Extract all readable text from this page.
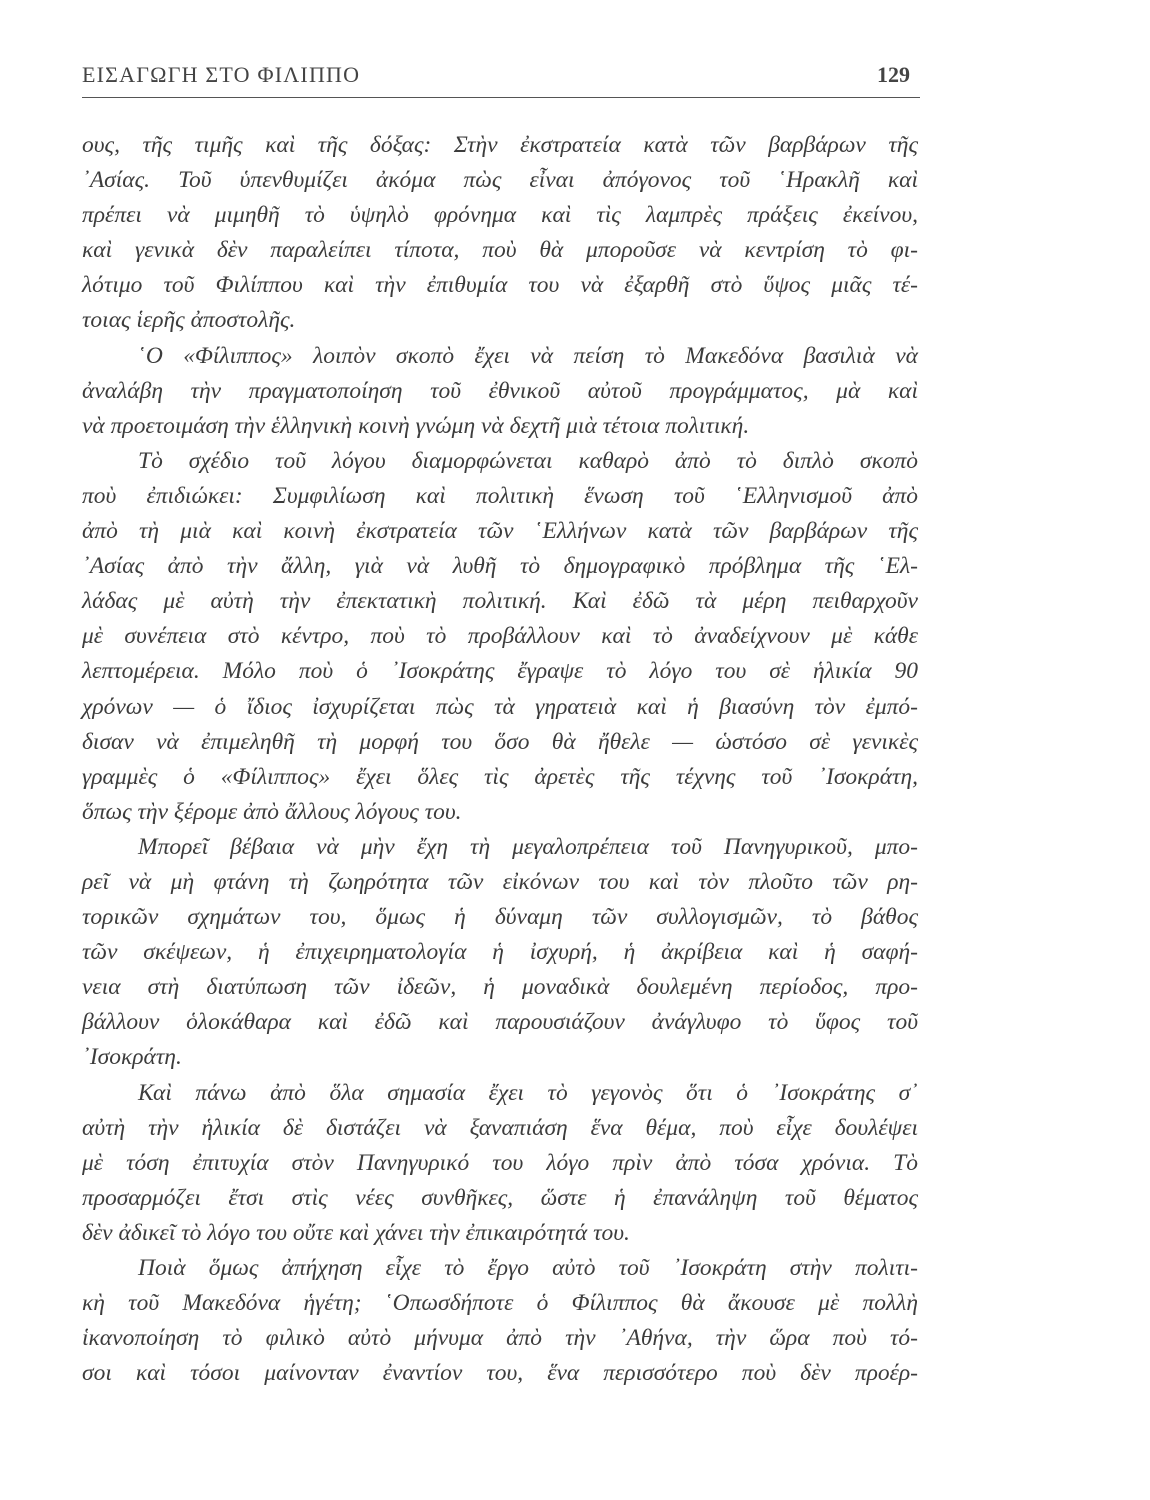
ΕΙΣΑΓΩΓΗ ΣΤΟ ΦΙΛΙΠΠΟ	129
ους, τῆς τιμῆς καὶ τῆς δόξας: Στὴν ἐκστρατεία κατὰ τῶν βαρβάρων τῆς
᾿Ασίας. Τοῦ ὑπενθυμίζει ἀκόμα πὼς εἶναι ἀπόγονος τοῦ ῾Ηρακλῆ καὶ
πρέπει νὰ μιμηθῆ τὸ ὑψηλὸ φρόνημα καὶ τὶς λαμπρὲς πράξεις ἐκείνου,
καὶ γενικὰ δὲν παραλείπει τίποτα, ποὺ θὰ μποροῦσε νὰ κεντρίση τὸ φι-
λότιμο τοῦ Φιλίππου καὶ τὴν ἐπιθυμία του νὰ ἐξαρθῆ στὸ ὕψος μιᾶς τέ-
τοιας ἱερῆς ἀποστολῆς.
῾Ο «Φίλιππος» λοιπὸν σκοπὸ ἔχει νὰ πείση τὸ Μακεδόνα βασιλιὰ νὰ
ἀναλάβη τὴν πραγματοποίηση τοῦ ἐθνικοῦ αὐτοῦ προγράμματος, μὰ καὶ
νὰ προετοιμάση τὴν ἑλληνικὴ κοινὴ γνώμη νὰ δεχτῆ μιὰ τέτοια πολιτική.
Τὸ σχέδιο τοῦ λόγου διαμορφώνεται καθαρὸ ἀπὸ τὸ διπλὸ σκοπὸ
ποὺ ἐπιδιώκει: Συμφιλίωση καὶ πολιτικὴ ἕνωση τοῦ ῾Ελληνισμοῦ ἀπὸ
ἀπὸ τὴ μιὰ καὶ κοινὴ ἐκστρατεία τῶν ῾Ελλήνων κατὰ τῶν βαρβάρων τῆς
᾿Ασίας ἀπὸ τὴν ἄλλη, γιὰ νὰ λυθῆ τὸ δημογραφικὸ πρόβλημα τῆς ῾Ελ-
λάδας μὲ αὐτὴ τὴν ἐπεκτατικὴ πολιτική. Καὶ ἐδῶ τὰ μέρη πειθαρχοῦν
μὲ συνέπεια στὸ κέντρο, ποὺ τὸ προβάλλουν καὶ τὸ ἀναδείχνουν μὲ κάθε
λεπτομέρεια. Μόλο ποὺ ὁ ᾿Ισοκράτης ἔγραψε τὸ λόγο του σὲ ἡλικία 90
χρόνων — ὁ ἴδιος ἰσχυρίζεται πὼς τὰ γηρατειὰ καὶ ἡ βιασύνη τὸν ἐμπό-
δισαν νὰ ἐπιμεληθῆ τὴ μορφή του ὅσο θὰ ἤθελε — ὡστόσο σὲ γενικὲς
γραμμὲς ὁ «Φίλιππος» ἔχει ὅλες τὶς ἀρετὲς τῆς τέχνης τοῦ ᾿Ισοκράτη,
ὅπως τὴν ξέρομε ἀπὸ ἄλλους λόγους του.
Μπορεῖ βέβαια νὰ μὴν ἔχη τὴ μεγαλοπρέπεια τοῦ Πανηγυρικοῦ, μπο-
ρεῖ νὰ μὴ φτάνη τὴ ζωηρότητα τῶν εἰκόνων του καὶ τὸν πλοῦτο τῶν ρη-
τορικῶν σχημάτων του, ὅμως ἡ δύναμη τῶν συλλογισμῶν, τὸ βάθος
τῶν σκέψεων, ἡ ἐπιχειρηματολογία ἡ ἰσχυρή, ἡ ἀκρίβεια καὶ ἡ σαφή-
νεια στὴ διατύπωση τῶν ἰδεῶν, ἡ μοναδικὰ δουλεμένη περίοδος, προ-
βάλλουν ὁλοκάθαρα καὶ ἐδῶ καὶ παρουσιάζουν ἀνάγλυφο τὸ ὕφος τοῦ
᾿Ισοκράτη.
Καὶ πάνω ἀπὸ ὅλα σημασία ἔχει τὸ γεγονὸς ὅτι ὁ ᾿Ισοκράτης σ᾿
αὐτὴ τὴν ἡλικία δὲ διστάζει νὰ ξαναπιάση ἕνα θέμα, ποὺ εἶχε δουλέψει
μὲ τόση ἐπιτυχία στὸν Πανηγυρικό του λόγο πρὶν ἀπὸ τόσα χρόνια. Τὸ
προσαρμόζει ἔτσι στὶς νέες συνθῆκες, ὥστε ἡ ἐπανάληψη τοῦ θέματος
δὲν ἀδικεῖ τὸ λόγο του οὔτε καὶ χάνει τὴν ἐπικαιρότητά του.
Ποιὰ ὅμως ἀπήχηση εἶχε τὸ ἔργο αὐτὸ τοῦ ᾿Ισοκράτη στὴν πολιτι-
κὴ τοῦ Μακεδόνα ἡγέτη; ῾Οπωσδήποτε ὁ Φίλιππος θὰ ἄκουσε μὲ πολλὴ
ἱκανοποίηση τὸ φιλικὸ αὐτὸ μήνυμα ἀπὸ τὴν ᾿Αθήνα, τὴν ὥρα ποὺ τό-
σοι καὶ τόσοι μαίνονταν ἐναντίον του, ἕνα περισσότερο ποὺ δὲν προέρ-
